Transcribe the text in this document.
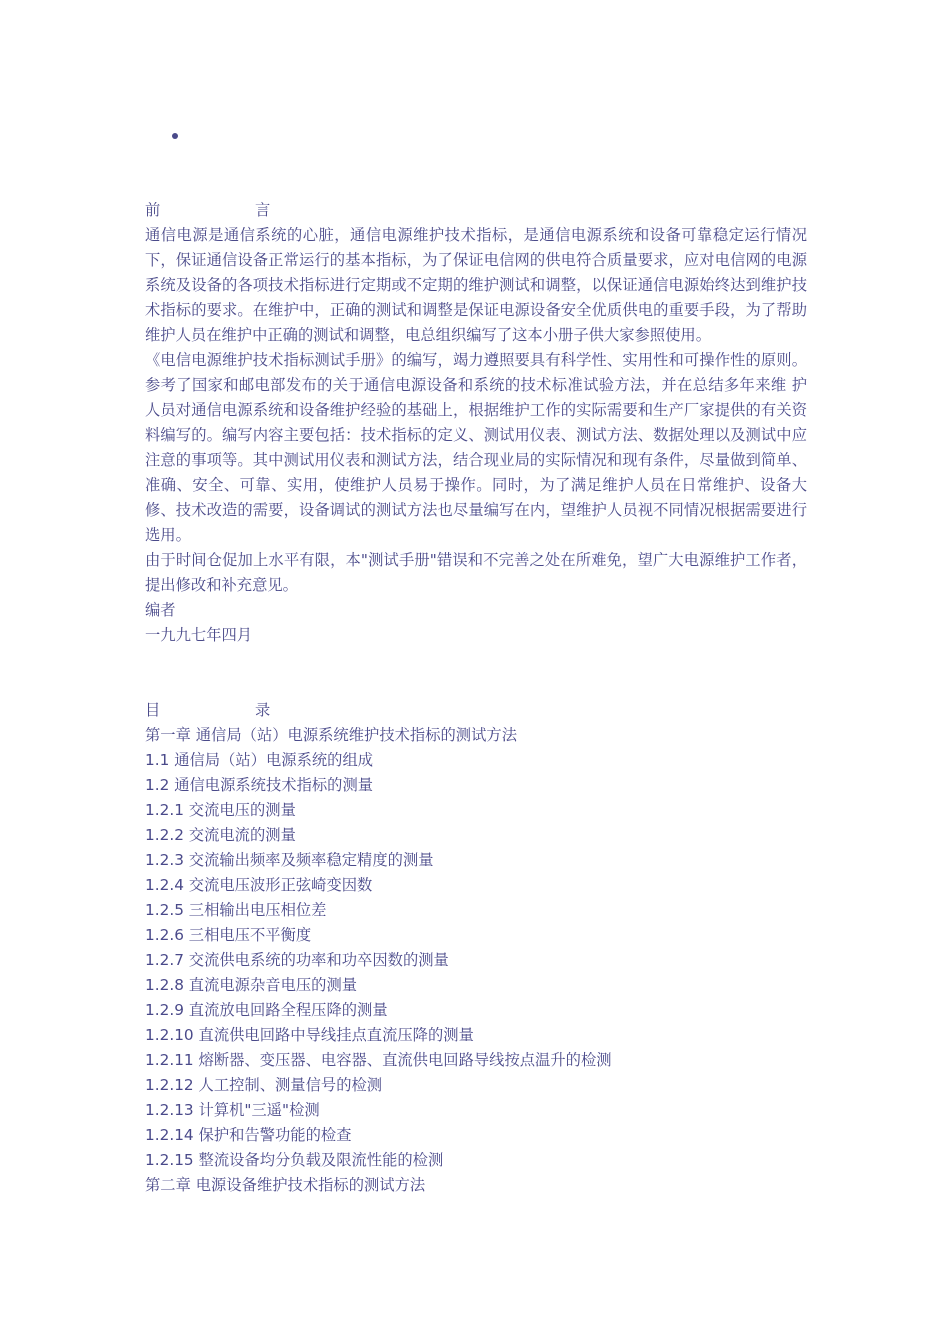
前	言

通信电源是通信系统的心脏，通信电源维护技术指标，是通信电源系统和设备可靠稳定运行情况下，保证通信设备正常运行的基本指标，为了保证电信网的供电符合质量要求，应对电信网的电源系统及设备的各项技术指标进行定期或不定期的维护测试和调整，以保证通信电源始终达到维护技术指标的要求。在维护中，正确的测试和调整是保证电源设备安全优质供电的重要手段，为了帮助维护人员在维护中正确的测试和调整，电总组织编写了这本小册子供大家参照使用。

《电信电源维护技术指标测试手册》的编写，竭力遵照要具有科学性、实用性和可操作性的原则。参考了国家和邮电部发布的关于通信电源设备和系统的技术标准试验方法，并在总结多年来维 护人员对通信电源系统和设备维护经验的基础上，根据维护工作的实际需要和生产厂家提供的有关资料编写的。编写内容主要包括：技术指标的定义、测试用仪表、测试方法、数据处理以及测试中应注意的事项等。其中测试用仪表和测试方法，结合现业局的实际情况和现有条件，尽量做到简单、准确、安全、可靠、实用，使维护人员易于操作。同时，为了满足维护人员在日常维护、设备大修、技术改造的需要，设备调试的测试方法也尽量编写在内，望维护人员视不同情况根据需要进行选用。

由于时间仓促加上水平有限，本"测试手册"错误和不完善之处在所难免，望广大电源维护工作者，提出修改和补充意见。

编者
一九九七年四月
目	录
第一章 通信局（站）电源系统维护技术指标的测试方法
1.1 通信局（站）电源系统的组成
1.2 通信电源系统技术指标的测量
1.2.1 交流电压的测量
1.2.2 交流电流的测量
1.2.3 交流输出频率及频率稳定精度的测量
1.2.4 交流电压波形正弦崎变因数
1.2.5 三相输出电压相位差
1.2.6 三相电压不平衡度
1.2.7 交流供电系统的功率和功卒因数的测量
1.2.8 直流电源杂音电压的测量
1.2.9 直流放电回路全程压降的测量
1.2.10 直流供电回路中导线挂点直流压降的测量
1.2.11 熔断器、变压器、电容器、直流供电回路导线按点温升的检测
1.2.12 人工控制、测量信号的检测
1.2.13 计算机"三遥"检测
1.2.14 保护和告警功能的检查
1.2.15 整流设备均分负载及限流性能的检测
第二章 电源设备维护技术指标的测试方法
